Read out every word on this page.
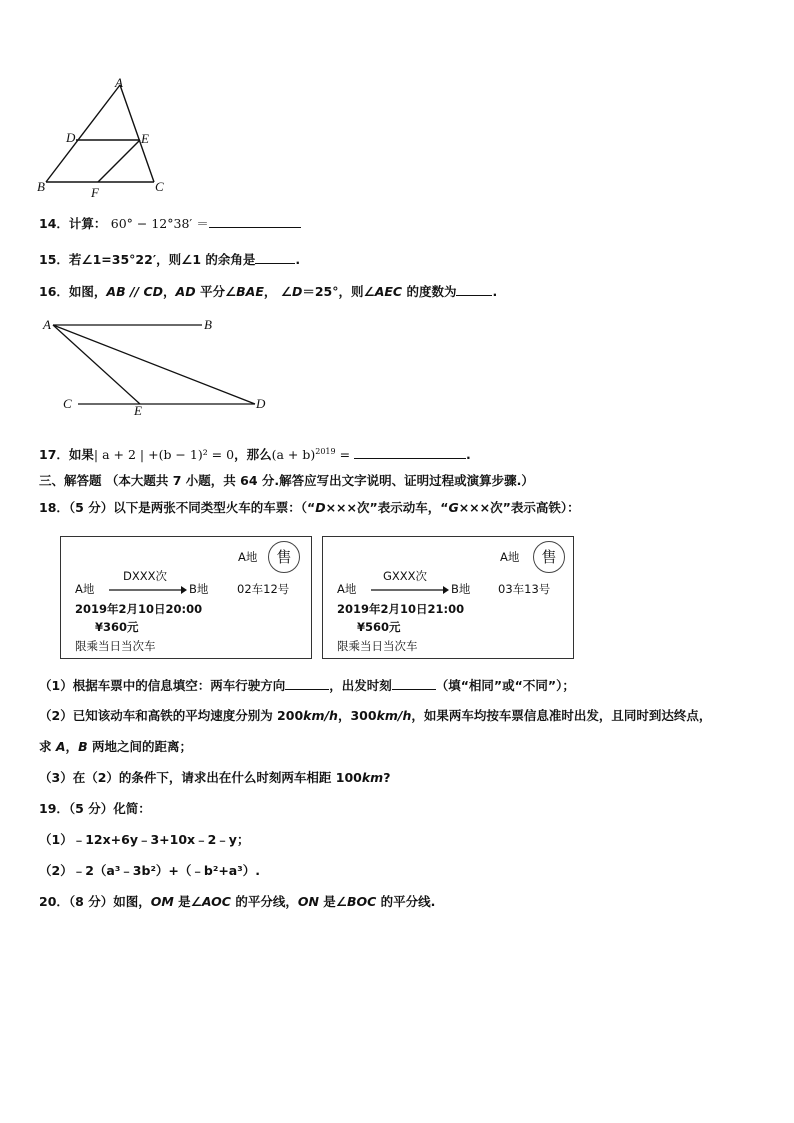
A
D	E
B	F	C
14．计算： 60° − 12°38′ ＝
15．若∠1=35°22′，则∠1 的余角是	.
16．如图，AB // CD，AD 平分∠BAE， ∠D＝25°，则∠AEC 的度数为	.
A	B
C	E	D
17．如果| a + 2 | +(b − 1)² = 0，那么$(a + b)^{2019}$ =	.
三、解答题 （本大题共 7 小题，共 64 分.解答应写出文字说明、证明过程或演算步骤.）
18．（5 分）以下是两张不同类型火车的车票：（“D×××次”表示动车，“G×××次”表示高铁）：
A地	售
A地
DXXX次
B地 02车12号
2019年2月10日20:00
¥360元
限乘当日当次车
A地	售
A地
GXXX次
B地 03车13号
2019年2月10日21:00
¥560元
限乘当日当次车
（1）根据车票中的信息填空：两车行驶方向	，出发时刻	（填“相同”或“不同”）；
（2）已知该动车和高铁的平均速度分别为 200km/h，300km/h，如果两车均按车票信息准时出发，且同时到达终点，
求 A，B 两地之间的距离；
（3）在（2）的条件下，请求出在什么时刻两车相距 100km?
19．（5 分）化简：
（1）﹣12x+6y﹣3+10x﹣2﹣y；
（2）﹣2（a³﹣3b²）+（﹣b²+a³）.
20．（8 分）如图，OM 是∠AOC 的平分线，ON 是∠BOC 的平分线.
